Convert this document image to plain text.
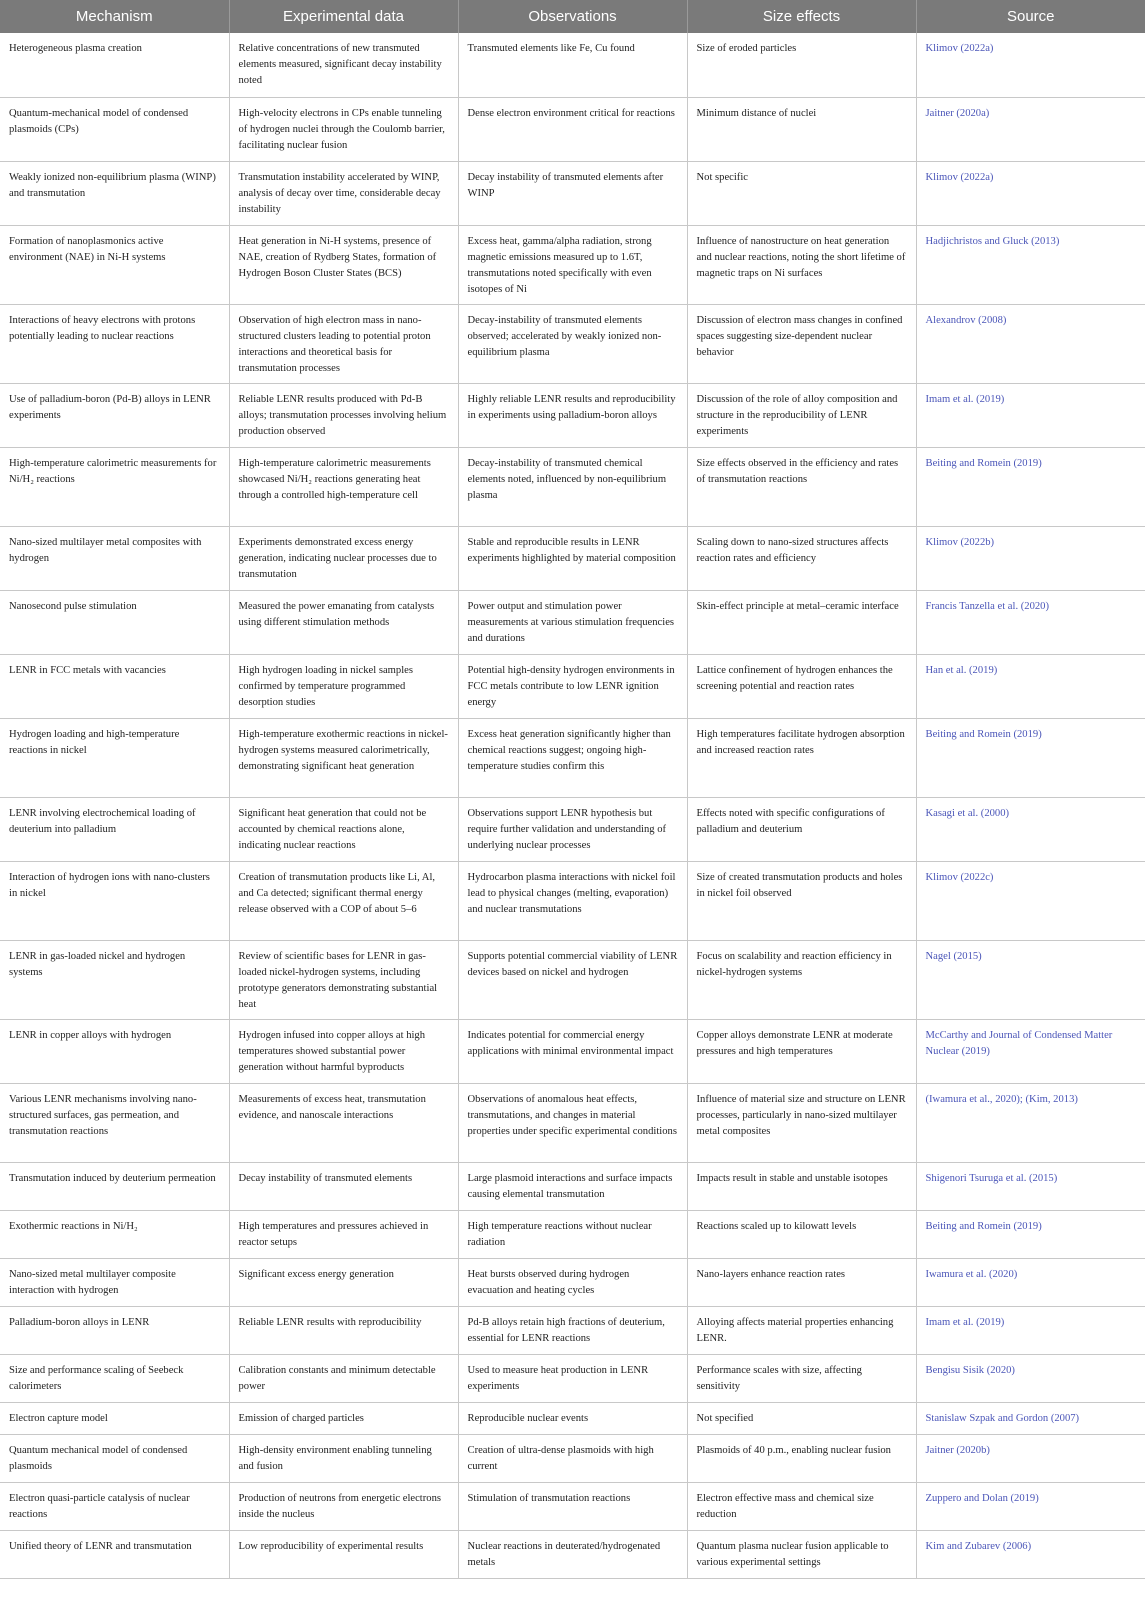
Mechanism	Experimental data	Observations	Size effects	Source
Heterogeneous plasma creation	Relative concentrations of new transmuted elements measured, significant decay instability noted	Transmuted elements like Fe, Cu found	Size of eroded particles	Klimov (2022a)
Quantum-mechanical model of condensed plasmoids (CPs)	High-velocity electrons in CPs enable tunneling of hydrogen nuclei through the Coulomb barrier, facilitating nuclear fusion	Dense electron environment critical for reactions	Minimum distance of nuclei	Jaitner (2020a)
Weakly ionized non-equilibrium plasma (WINP) and transmutation	Transmutation instability accelerated by WINP, analysis of decay over time, considerable decay instability	Decay instability of transmuted elements after WINP	Not specific	Klimov (2022a)
Formation of nanoplasmonics active environment (NAE) in Ni-H systems	Heat generation in Ni-H systems, presence of NAE, creation of Rydberg States, formation of Hydrogen Boson Cluster States (BCS)	Excess heat, gamma/alpha radiation, strong magnetic emissions measured up to 1.6T, transmutations noted specifically with even isotopes of Ni	Influence of nanostructure on heat generation and nuclear reactions, noting the short lifetime of magnetic traps on Ni surfaces	Hadjichristos and Gluck (2013)
Interactions of heavy electrons with protons potentially leading to nuclear reactions	Observation of high electron mass in nano-structured clusters leading to potential proton interactions and theoretical basis for transmutation processes	Decay-instability of transmuted elements observed; accelerated by weakly ionized non-equilibrium plasma	Discussion of electron mass changes in confined spaces suggesting size-dependent nuclear behavior	Alexandrov (2008)
Use of palladium-boron (Pd-B) alloys in LENR experiments	Reliable LENR results produced with Pd-B alloys; transmutation processes involving helium production observed	Highly reliable LENR results and reproducibility in experiments using palladium-boron alloys	Discussion of the role of alloy composition and structure in the reproducibility of LENR experiments	Imam et al. (2019)
High-temperature calorimetric measurements for Ni/H₂ reactions	High-temperature calorimetric measurements showcased Ni/H₂ reactions generating heat through a controlled high-temperature cell	Decay-instability of transmuted chemical elements noted, influenced by non-equilibrium plasma	Size effects observed in the efficiency and rates of transmutation reactions	Beiting and Romein (2019)
Nano-sized multilayer metal composites with hydrogen	Experiments demonstrated excess energy generation, indicating nuclear processes due to transmutation	Stable and reproducible results in LENR experiments highlighted by material composition	Scaling down to nano-sized structures affects reaction rates and efficiency	Klimov (2022b)
Nanosecond pulse stimulation	Measured the power emanating from catalysts using different stimulation methods	Power output and stimulation power measurements at various stimulation frequencies and durations	Skin-effect principle at metal–ceramic interface	Francis Tanzella et al. (2020)
LENR in FCC metals with vacancies	High hydrogen loading in nickel samples confirmed by temperature programmed desorption studies	Potential high-density hydrogen environments in FCC metals contribute to low LENR ignition energy	Lattice confinement of hydrogen enhances the screening potential and reaction rates	Han et al. (2019)
Hydrogen loading and high-temperature reactions in nickel	High-temperature exothermic reactions in nickel-hydrogen systems measured calorimetrically, demonstrating significant heat generation	Excess heat generation significantly higher than chemical reactions suggest; ongoing high-temperature studies confirm this	High temperatures facilitate hydrogen absorption and increased reaction rates	Beiting and Romein (2019)
LENR involving electrochemical loading of deuterium into palladium	Significant heat generation that could not be accounted by chemical reactions alone, indicating nuclear reactions	Observations support LENR hypothesis but require further validation and understanding of underlying nuclear processes	Effects noted with specific configurations of palladium and deuterium	Kasagi et al. (2000)
Interaction of hydrogen ions with nano-clusters in nickel	Creation of transmutation products like Li, Al, and Ca detected; significant thermal energy release observed with a COP of about 5–6	Hydrocarbon plasma interactions with nickel foil lead to physical changes (melting, evaporation) and nuclear transmutations	Size of created transmutation products and holes in nickel foil observed	Klimov (2022c)
LENR in gas-loaded nickel and hydrogen systems	Review of scientific bases for LENR in gas-loaded nickel-hydrogen systems, including prototype generators demonstrating substantial heat	Supports potential commercial viability of LENR devices based on nickel and hydrogen	Focus on scalability and reaction efficiency in nickel-hydrogen systems	Nagel (2015)
LENR in copper alloys with hydrogen	Hydrogen infused into copper alloys at high temperatures showed substantial power generation without harmful byproducts	Indicates potential for commercial energy applications with minimal environmental impact	Copper alloys demonstrate LENR at moderate pressures and high temperatures	McCarthy and Journal of Condensed Matter Nuclear (2019)
Various LENR mechanisms involving nano-structured surfaces, gas permeation, and transmutation reactions	Measurements of excess heat, transmutation evidence, and nanoscale interactions	Observations of anomalous heat effects, transmutations, and changes in material properties under specific experimental conditions	Influence of material size and structure on LENR processes, particularly in nano-sized multilayer metal composites	(Iwamura et al., 2020); (Kim, 2013)
Transmutation induced by deuterium permeation	Decay instability of transmuted elements	Large plasmoid interactions and surface impacts causing elemental transmutation	Impacts result in stable and unstable isotopes	Shigenori Tsuruga et al. (2015)
Exothermic reactions in Ni/H₂	High temperatures and pressures achieved in reactor setups	High temperature reactions without nuclear radiation	Reactions scaled up to kilowatt levels	Beiting and Romein (2019)
Nano-sized metal multilayer composite interaction with hydrogen	Significant excess energy generation	Heat bursts observed during hydrogen evacuation and heating cycles	Nano-layers enhance reaction rates	Iwamura et al. (2020)
Palladium-boron alloys in LENR	Reliable LENR results with reproducibility	Pd-B alloys retain high fractions of deuterium, essential for LENR reactions	Alloying affects material properties enhancing LENR.	Imam et al. (2019)
Size and performance scaling of Seebeck calorimeters	Calibration constants and minimum detectable power	Used to measure heat production in LENR experiments	Performance scales with size, affecting sensitivity	Bengisu Sisik (2020)
Electron capture model	Emission of charged particles	Reproducible nuclear events	Not specified	Stanislaw Szpak and Gordon (2007)
Quantum mechanical model of condensed plasmoids	High-density environment enabling tunneling and fusion	Creation of ultra-dense plasmoids with high current	Plasmoids of 40 p.m., enabling nuclear fusion	Jaitner (2020b)
Electron quasi-particle catalysis of nuclear reactions	Production of neutrons from energetic electrons inside the nucleus	Stimulation of transmutation reactions	Electron effective mass and chemical size reduction	Zuppero and Dolan (2019)
Unified theory of LENR and transmutation	Low reproducibility of experimental results	Nuclear reactions in deuterated/hydrogenated metals	Quantum plasma nuclear fusion applicable to various experimental settings	Kim and Zubarev (2006)
